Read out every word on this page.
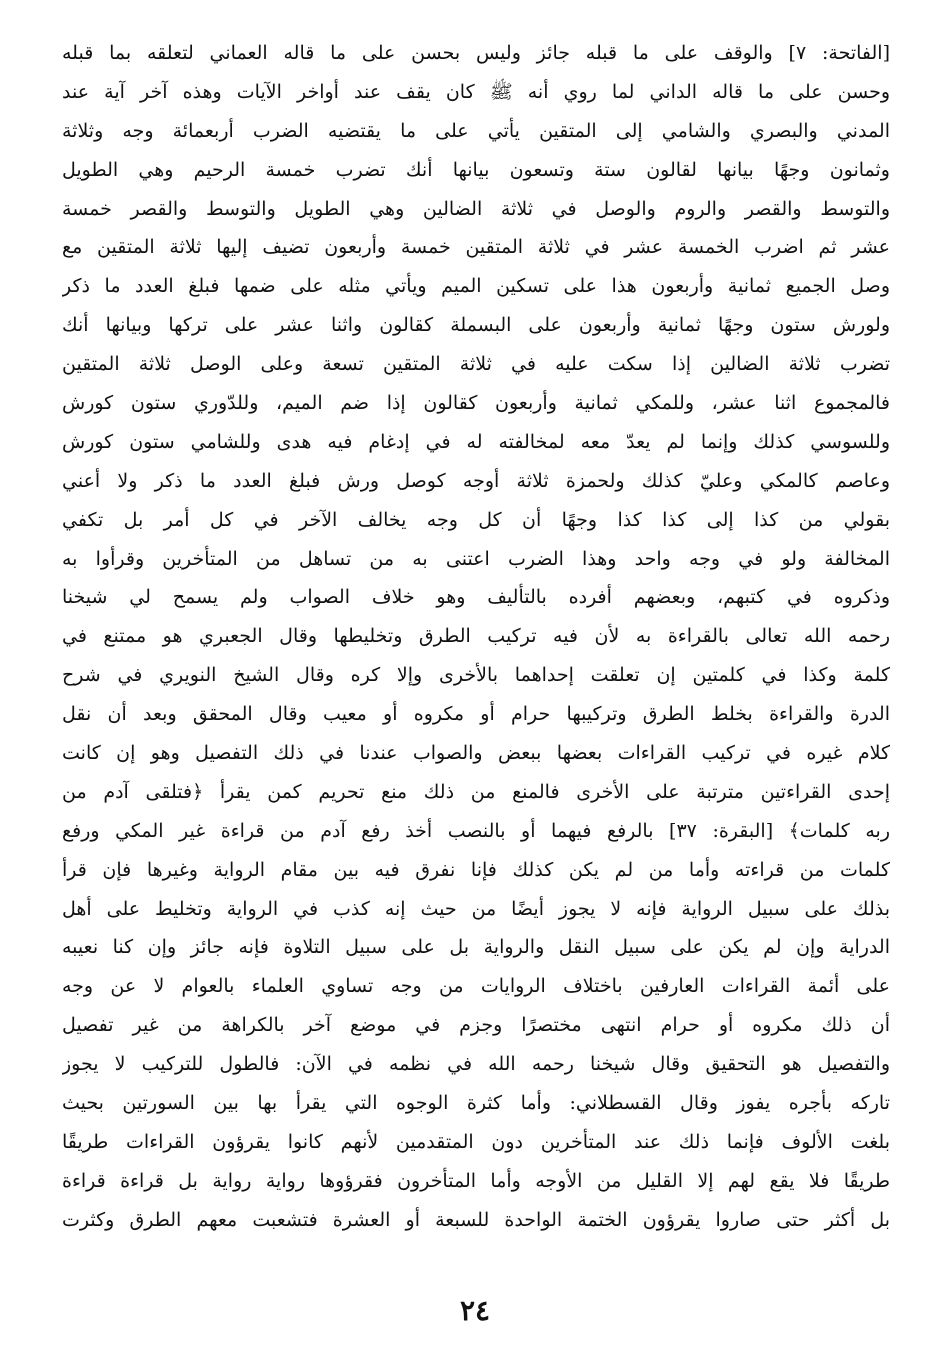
[الفاتحة: ٧] والوقف على ما قبله جائز وليس بحسن على ما قاله العماني لتعلقه بما قبله
وحسن على ما قاله الداني لما روي أنه ﷺ كان يقف عند أواخر الآيات وهذه آخر آية عند
المدني والبصري والشامي إلى المتقين يأتي على ما يقتضيه الضرب أربعمائة وجه وثلاثة
وثمانون وجهًا بيانها لقالون ستة وتسعون بيانها أنك تضرب خمسة الرحيم وهي الطويل
والتوسط والقصر والروم والوصل في ثلاثة الضالين وهي الطويل والتوسط والقصر خمسة
عشر ثم اضرب الخمسة عشر في ثلاثة المتقين خمسة وأربعون تضيف إليها ثلاثة المتقين مع
وصل الجميع ثمانية وأربعون هذا على تسكين الميم ويأتي مثله على ضمها فبلغ العدد ما ذكر
ولورش ستون وجهًا ثمانية وأربعون على البسملة كقالون واثنا عشر على تركها وبيانها أنك
تضرب ثلاثة الضالين إذا سكت عليه في ثلاثة المتقين تسعة وعلى الوصل ثلاثة المتقين
فالمجموع اثنا عشر، وللمكي ثمانية وأربعون كقالون إذا ضم الميم، وللدّوري ستون كورش
وللسوسي كذلك وإنما لم يعدّ معه لمخالفته له في إدغام فيه هدى وللشامي ستون كورش
وعاصم كالمكي وعليّ كذلك ولحمزة ثلاثة أوجه كوصل ورش فبلغ العدد ما ذكر ولا أعني
بقولي من كذا إلى كذا كذا وجهًا أن كل وجه يخالف الآخر في كل أمر بل تكفي
المخالفة ولو في وجه واحد وهذا الضرب اعتنى به من تساهل من المتأخرين وقرأوا به
وذكروه في كتبهم، وبعضهم أفرده بالتأليف وهو خلاف الصواب ولم يسمح لي شيخنا
رحمه الله تعالى بالقراءة به لأن فيه تركيب الطرق وتخليطها وقال الجعبري هو ممتنع في
كلمة وكذا في كلمتين إن تعلقت إحداهما بالأخرى وإلا كره وقال الشيخ النويري في شرح
الدرة والقراءة بخلط الطرق وتركيبها حرام أو مكروه أو معيب وقال المحقق وبعد أن نقل
كلام غيره في تركيب القراءات بعضها ببعض والصواب عندنا في ذلك التفصيل وهو إن كانت
إحدى القراءتين مترتبة على الأخرى فالمنع من ذلك منع تحريم كمن يقرأ ﴿فتلقى آدم من
ربه كلمات﴾ [البقرة: ٣٧] بالرفع فيهما أو بالنصب أخذ رفع آدم من قراءة غير المكي ورفع
كلمات من قراءته وأما من لم يكن كذلك فإنا نفرق فيه بين مقام الرواية وغيرها فإن قرأ
بذلك على سبيل الرواية فإنه لا يجوز أيضًا من حيث إنه كذب في الرواية وتخليط على أهل
الدراية وإن لم يكن على سبيل النقل والرواية بل على سبيل التلاوة فإنه جائز وإن كنا نعيبه
على أئمة القراءات العارفين باختلاف الروايات من وجه تساوي العلماء بالعوام لا عن وجه
أن ذلك مكروه أو حرام انتهى مختصرًا وجزم في موضع آخر بالكراهة من غير تفصيل
والتفصيل هو التحقيق وقال شيخنا رحمه الله في نظمه في الآن: فالطول للتركيب لا يجوز
تاركه بأجره يفوز وقال القسطلاني: وأما كثرة الوجوه التي يقرأ بها بين السورتين بحيث
بلغت الألوف فإنما ذلك عند المتأخرين دون المتقدمين لأنهم كانوا يقرؤون القراءات طريقًا
طريقًا فلا يقع لهم إلا القليل من الأوجه وأما المتأخرون فقرؤوها رواية رواية بل قراءة قراءة
بل أكثر حتى صاروا يقرؤون الختمة الواحدة للسبعة أو العشرة فتشعبت معهم الطرق وكثرت
٢٤
